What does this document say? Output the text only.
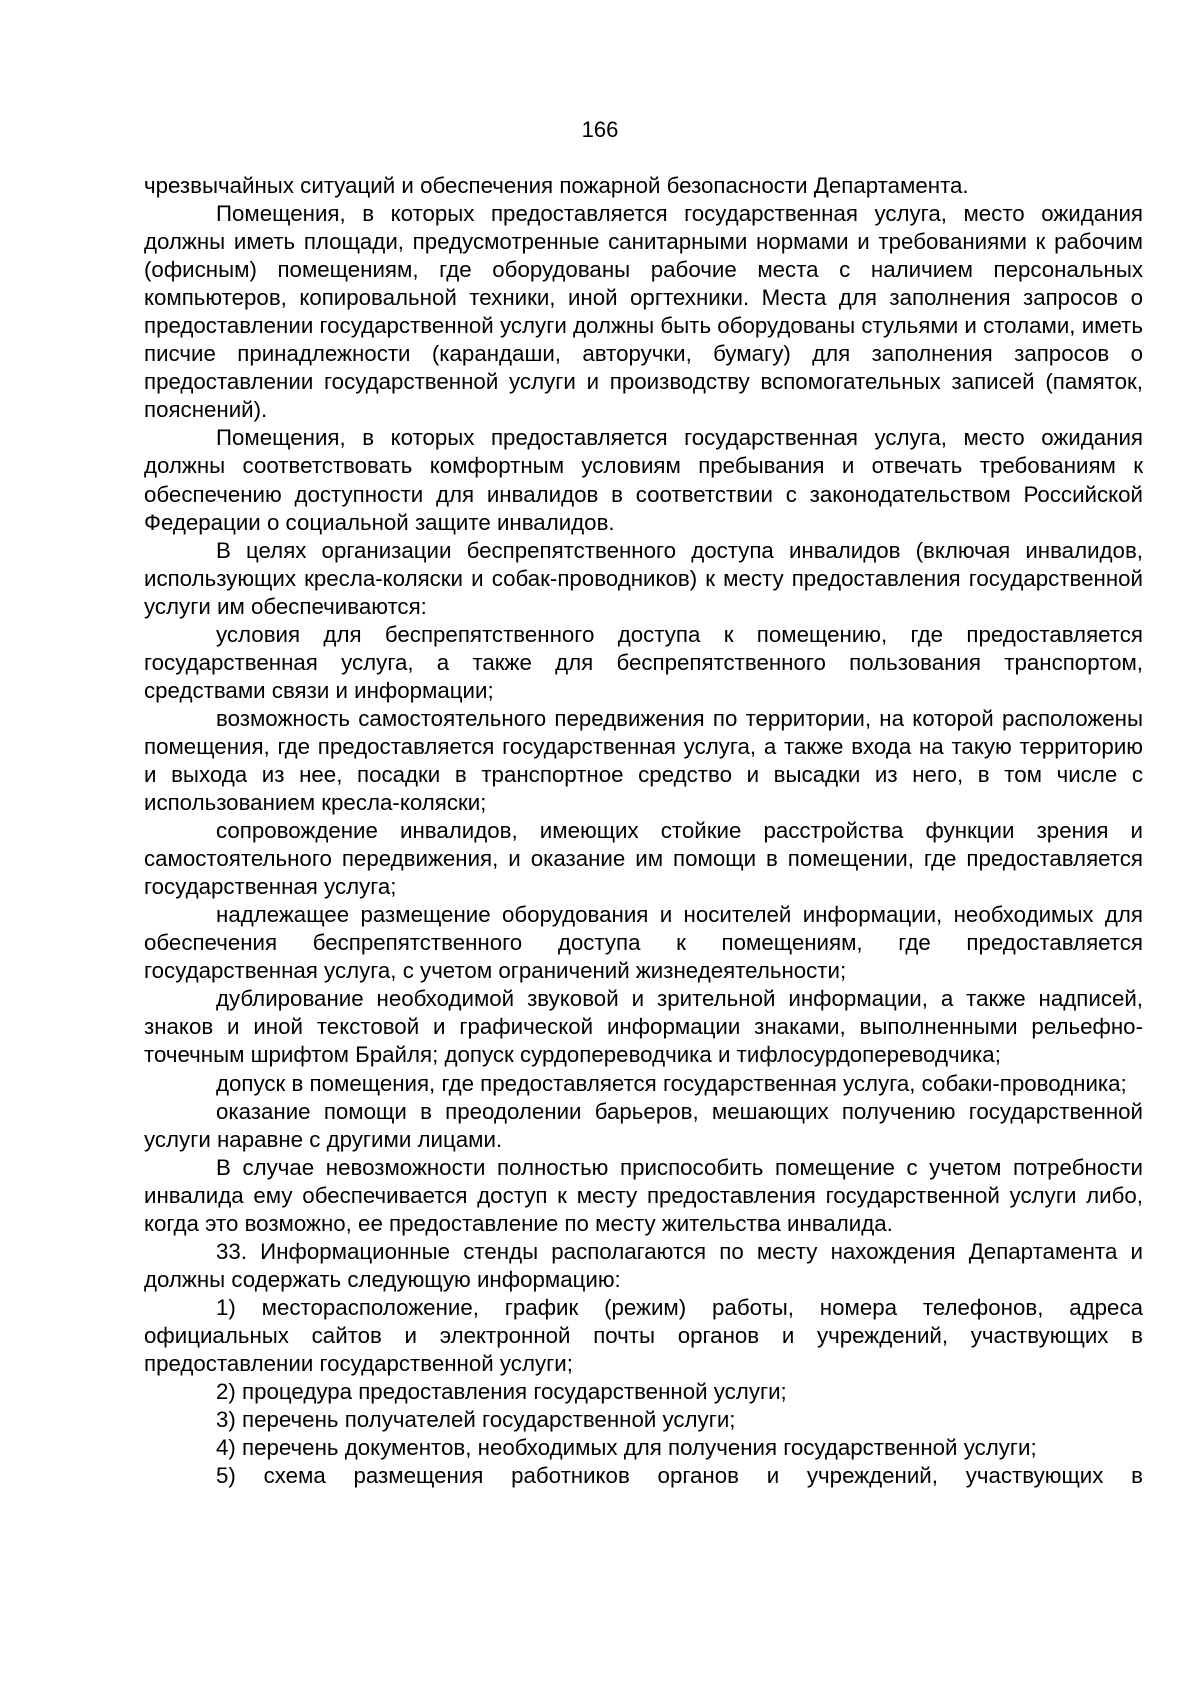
166

чрезвычайных ситуаций и обеспечения пожарной безопасности Департамента.

Помещения, в которых предоставляется государственная услуга, место ожидания должны иметь площади, предусмотренные санитарными нормами и требованиями к рабочим (офисным) помещениям, где оборудованы рабочие места с наличием персональных компьютеров, копировальной техники, иной оргтехники. Места для заполнения запросов о предоставлении государственной услуги должны быть оборудованы стульями и столами, иметь писчие принадлежности (карандаши, авторучки, бумагу) для заполнения запросов о предоставлении государственной услуги и производству вспомогательных записей (памяток, пояснений).

Помещения, в которых предоставляется государственная услуга, место ожидания должны соответствовать комфортным условиям пребывания и отвечать требованиям к обеспечению доступности для инвалидов в соответствии с законодательством Российской Федерации о социальной защите инвалидов.

В целях организации беспрепятственного доступа инвалидов (включая инвалидов, использующих кресла-коляски и собак-проводников) к месту предоставления государственной услуги им обеспечиваются:

условия для беспрепятственного доступа к помещению, где предоставляется государственная услуга, а также для беспрепятственного пользования транспортом, средствами связи и информации;

возможность самостоятельного передвижения по территории, на которой расположены помещения, где предоставляется государственная услуга, а также входа на такую территорию и выхода из нее, посадки в транспортное средство и высадки из него, в том числе с использованием кресла-коляски;

сопровождение инвалидов, имеющих стойкие расстройства функции зрения и самостоятельного передвижения, и оказание им помощи в помещении, где предоставляется государственная услуга;

надлежащее размещение оборудования и носителей информации, необходимых для обеспечения беспрепятственного доступа к помещениям, где предоставляется государственная услуга, с учетом ограничений жизнедеятельности;

дублирование необходимой звуковой и зрительной информации, а также надписей, знаков и иной текстовой и графической информации знаками, выполненными рельефно-точечным шрифтом Брайля; допуск сурдопереводчика и тифлосурдопереводчика;

допуск в помещения, где предоставляется государственная услуга, собаки-проводника;

оказание помощи в преодолении барьеров, мешающих получению государственной услуги наравне с другими лицами.

В случае невозможности полностью приспособить помещение с учетом потребности инвалида ему обеспечивается доступ к месту предоставления государственной услуги либо, когда это возможно, ее предоставление по месту жительства инвалида.

33. Информационные стенды располагаются по месту нахождения Департамента и должны содержать следующую информацию:

1) месторасположение, график (режим) работы, номера телефонов, адреса официальных сайтов и электронной почты органов и учреждений, участвующих в предоставлении государственной услуги;

2) процедура предоставления государственной услуги;

3) перечень получателей государственной услуги;

4) перечень документов, необходимых для получения государственной услуги;

5) схема размещения работников органов и учреждений, участвующих в
